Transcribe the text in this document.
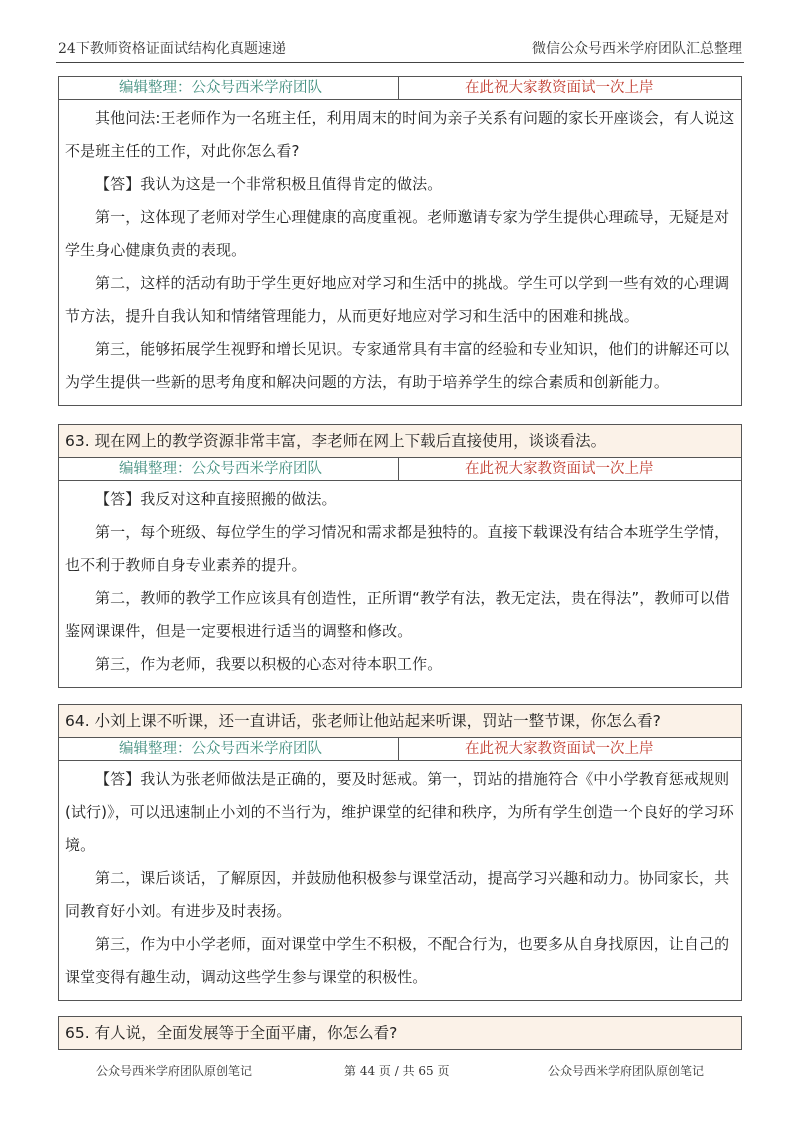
24下教师资格证面试结构化真题速递	微信公众号西米学府团队汇总整理
编辑整理：公众号西米学府团队	在此祝大家教资面试一次上岸

其他问法:王老师作为一名班主任，利用周末的时间为亲子关系有问题的家长开座谈会，有人说这不是班主任的工作，对此你怎么看?

【答】我认为这是一个非常积极且值得肯定的做法。

第一，这体现了老师对学生心理健康的高度重视。老师邀请专家为学生提供心理疏导，无疑是对学生身心健康负责的表现。

第二，这样的活动有助于学生更好地应对学习和生活中的挑战。学生可以学到一些有效的心理调节方法，提升自我认知和情绪管理能力，从而更好地应对学习和生活中的困难和挑战。

第三，能够拓展学生视野和增长见识。专家通常具有丰富的经验和专业知识，他们的讲解还可以为学生提供一些新的思考角度和解决问题的方法，有助于培养学生的综合素质和创新能力。

63. 现在网上的教学资源非常丰富，李老师在网上下载后直接使用，谈谈看法。
编辑整理：公众号西米学府团队	在此祝大家教资面试一次上岸

【答】我反对这种直接照搬的做法。

第一，每个班级、每位学生的学习情况和需求都是独特的。直接下载课没有结合本班学生学情，也不利于教师自身专业素养的提升。

第二，教师的教学工作应该具有创造性，正所谓“教学有法，教无定法，贵在得法”，教师可以借鉴网课课件，但是一定要根进行适当的调整和修改。

第三，作为老师，我要以积极的心态对待本职工作。

64. 小刘上课不听课，还一直讲话，张老师让他站起来听课，罚站一整节课，你怎么看?
编辑整理：公众号西米学府团队	在此祝大家教资面试一次上岸

【答】我认为张老师做法是正确的，要及时惩戒。第一，罚站的措施符合《中小学教育惩戒规则(试行)》，可以迅速制止小刘的不当行为，维护课堂的纪律和秩序，为所有学生创造一个良好的学习环境。

第二，课后谈话，了解原因，并鼓励他积极参与课堂活动，提高学习兴趣和动力。协同家长，共同教育好小刘。有进步及时表扬。

第三，作为中小学老师，面对课堂中学生不积极，不配合行为，也要多从自身找原因，让自己的课堂变得有趣生动，调动这些学生参与课堂的积极性。

65. 有人说，全面发展等于全面平庸，你怎么看?
公众号西米学府团队原创笔记	第 44 页 / 共 65 页	公众号西米学府团队原创笔记
